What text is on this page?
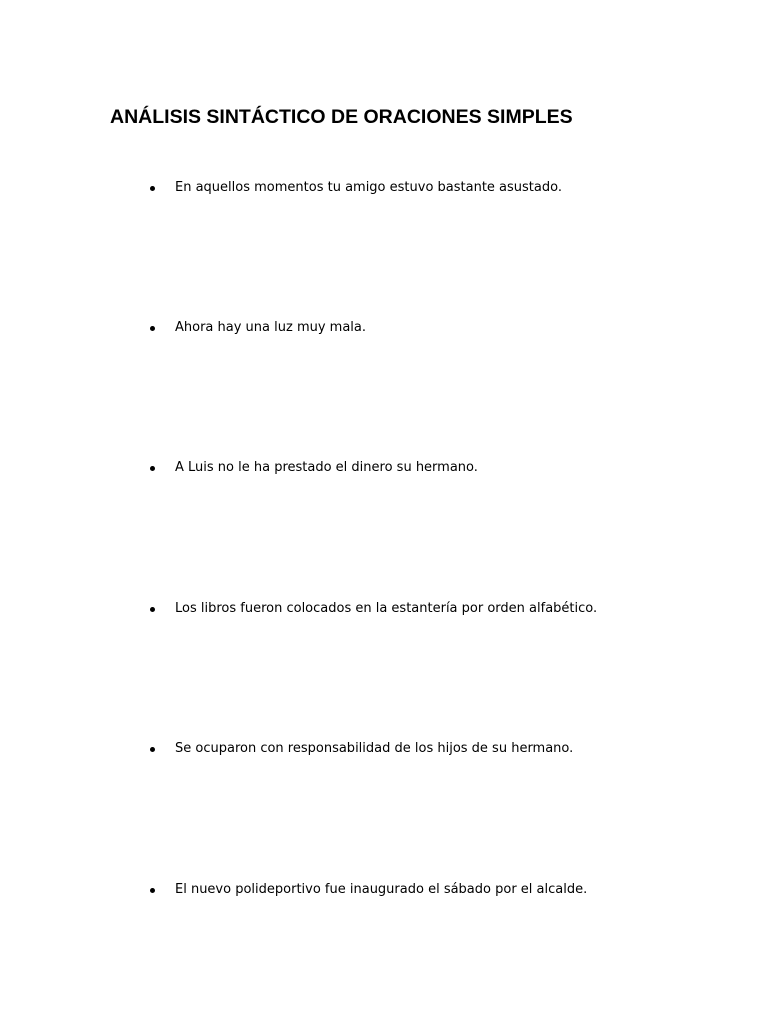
ANÁLISIS SINTÁCTICO DE ORACIONES SIMPLES
En aquellos momentos tu amigo estuvo bastante asustado.
Ahora hay una luz muy mala.
A Luis no le ha prestado el dinero su hermano.
Los libros fueron colocados en la estantería por orden alfabético.
Se ocuparon con responsabilidad de los hijos de su hermano.
El nuevo polideportivo fue inaugurado el sábado por el alcalde.
